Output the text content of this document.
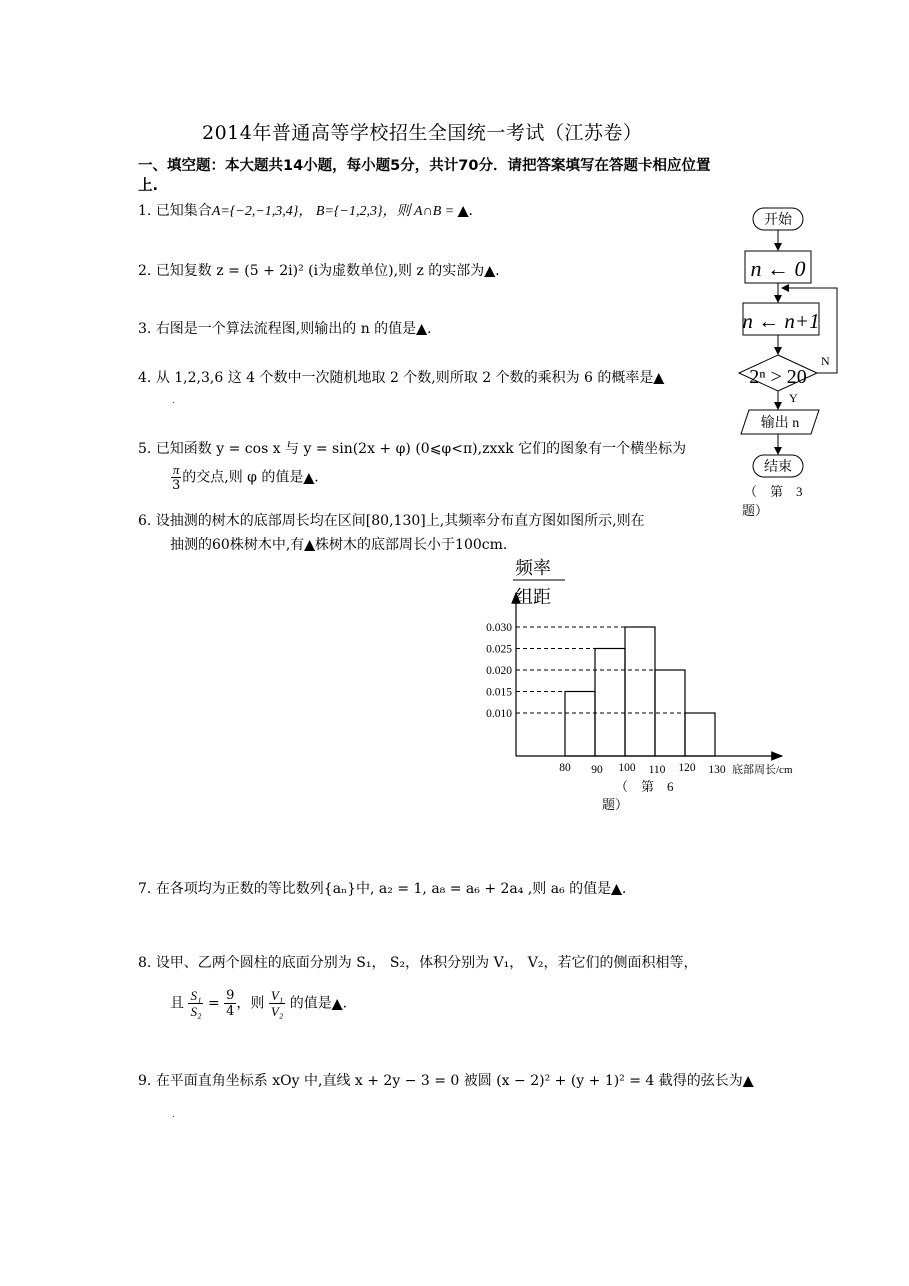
2014年普通高等学校招生全国统一考试（江苏卷）
一、填空题：本大题共14小题，每小题5分，共计70分．请把答案填写在答题卡相应位置
上.
1. 已知集合A={−2,−1,3,4}， B={−1,2,3}，则 A∩B = ▲.
2. 已知复数 z = (5 + 2i)² (i为虚数单位),则 z 的实部为▲.
3. 右图是一个算法流程图,则输出的 n 的值是▲.
4. 从 1,2,3,6 这 4 个数中一次随机地取 2 个数,则所取 2 个数的乘积为 6 的概率是▲
.
5. 已知函数 y = cos x 与 y = sin(2x + φ) (0⩽φ<π),zxxk 它们的图象有一个横坐标为
$\frac{\pi}{3}$ 的交点,则 φ 的值是▲.
6. 设抽测的树木的底部周长均在区间[80,130]上,其频率分布直方图如图所示,则在
抽测的60株树木中,有▲株树木的底部周长小于100cm.
频率
组距
0.010
0.015
0.020
0.025
0.030
80 90 100 110 120 130 底部周长/cm
（　第　6
题）
开始
n ← 0
n ← n+1
2ⁿ > 20
N
Y
输出 n
结束
（　第　3
题）
7. 在各项均为正数的等比数列{aₙ}中, a₂ = 1, a₈ = a₆ + 2a₄ ,则 a₆ 的值是▲.
8. 设甲、乙两个圆柱的底面分别为 S₁， S₂，体积分别为 V₁， V₂，若它们的侧面积相等，
且 $\frac{\text{S₁}}{\text{S₂}} = \frac{9}{4}$ ，则 $\frac{\text{V₁}}{\text{V₂}}$ 的值是▲.
9. 在平面直角坐标系 xOy 中,直线 x + 2y − 3 = 0 被圆 (x − 2)² + (y + 1)² = 4 截得的弦长为▲
.
